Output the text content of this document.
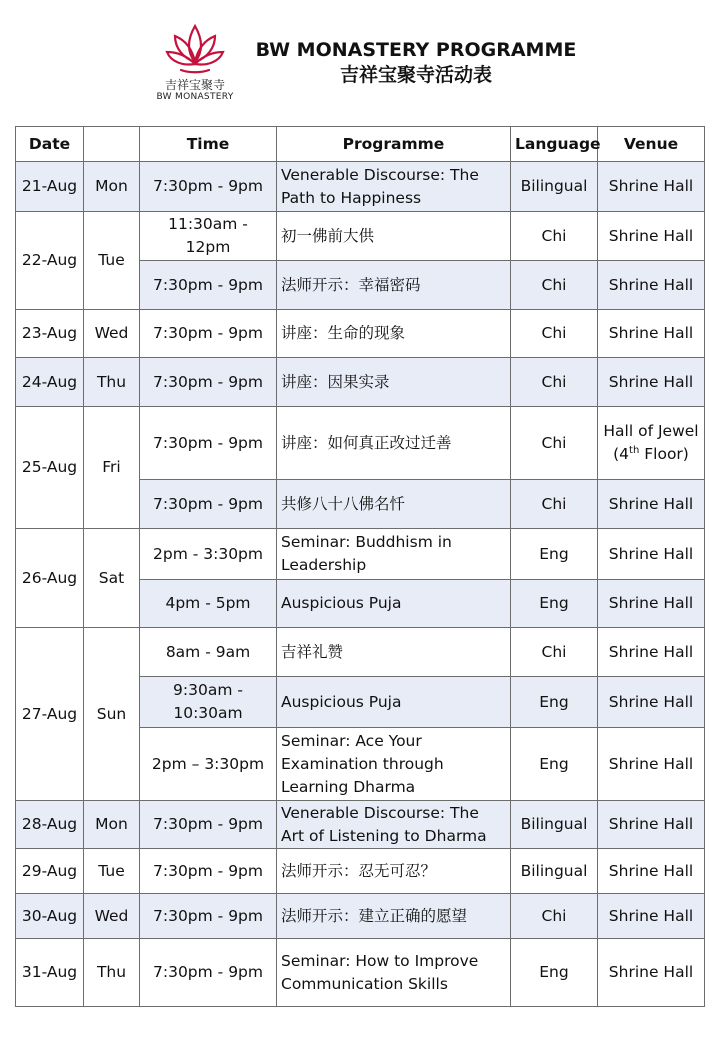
吉祥宝聚寺
BW MONASTERY
BW MONASTERY PROGRAMME
吉祥宝聚寺活动表
Date		Time	Programme	Language	Venue
21-Aug	Mon	7:30pm - 9pm	Venerable Discourse: The Path to Happiness	Bilingual	Shrine Hall
22-Aug	Tue	11:30am - 12pm	初一佛前大供	Chi	Shrine Hall
		7:30pm - 9pm	法师开示：幸福密码	Chi	Shrine Hall
23-Aug	Wed	7:30pm - 9pm	讲座：生命的现象	Chi	Shrine Hall
24-Aug	Thu	7:30pm - 9pm	讲座：因果实录	Chi	Shrine Hall
25-Aug	Fri	7:30pm - 9pm	讲座：如何真正改过迁善	Chi	Hall of Jewel
(4th Floor)

		7:30pm - 9pm	共修八十八佛名忏	Chi	Shrine Hall
26-Aug	Sat	2pm - 3:30pm	Seminar: Buddhism in Leadership	Eng	Shrine Hall
		4pm - 5pm	Auspicious Puja	Eng	Shrine Hall
27-Aug	Sun	8am - 9am	吉祥礼赞	Chi	Shrine Hall
		9:30am - 10:30am	Auspicious Puja	Eng	Shrine Hall
		2pm – 3:30pm	Seminar: Ace Your Examination through Learning Dharma	Eng	Shrine Hall
28-Aug	Mon	7:30pm - 9pm	Venerable Discourse: The Art of Listening to Dharma	Bilingual	Shrine Hall
29-Aug	Tue	7:30pm - 9pm	法师开示：忍无可忍？	Bilingual	Shrine Hall
30-Aug	Wed	7:30pm - 9pm	法师开示：建立正确的愿望	Chi	Shrine Hall
31-Aug	Thu	7:30pm - 9pm	Seminar: How to Improve Communication Skills	Eng	Shrine Hall
